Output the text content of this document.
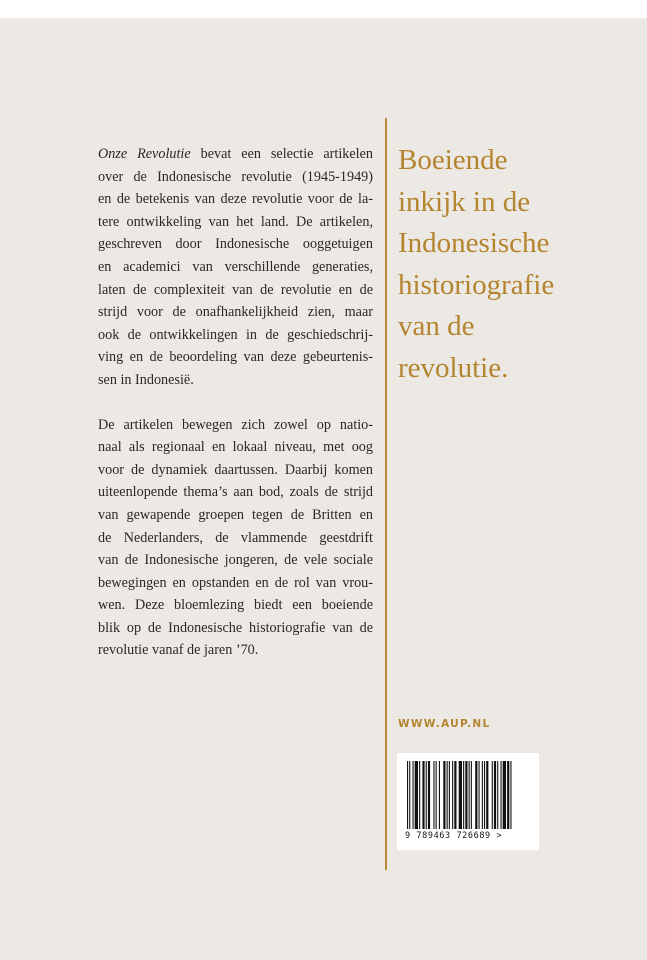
Onze Revolutie bevat een selectie artikelen
over de Indonesische revolutie (1945-1949)
en de betekenis van deze revolutie voor de la-
tere ontwikkeling van het land. De artikelen,
geschreven door Indonesische ooggetuigen
en academici van verschillende generaties,
laten de complexiteit van de revolutie en de
strijd voor de onafhankelijkheid zien, maar
ook de ontwikkelingen in de geschiedschrij-
ving en de beoordeling van deze gebeurtenis-
sen in Indonesië.

De artikelen bewegen zich zowel op natio-
naal als regionaal en lokaal niveau, met oog
voor de dynamiek daartussen. Daarbij komen
uiteenlopende thema’s aan bod, zoals de strijd
van gewapende groepen tegen de Britten en
de Nederlanders, de vlammende geestdrift
van de Indonesische jongeren, de vele sociale
bewegingen en opstanden en de rol van vrou-
wen. Deze bloemlezing biedt een boeiende
blik op de Indonesische historiografie van de
revolutie vanaf de jaren ’70.

Boeiende
inkijk in de
Indonesische
historiografie
van de
revolutie.
WWW.AUP.NL
9 789463 726689 >
